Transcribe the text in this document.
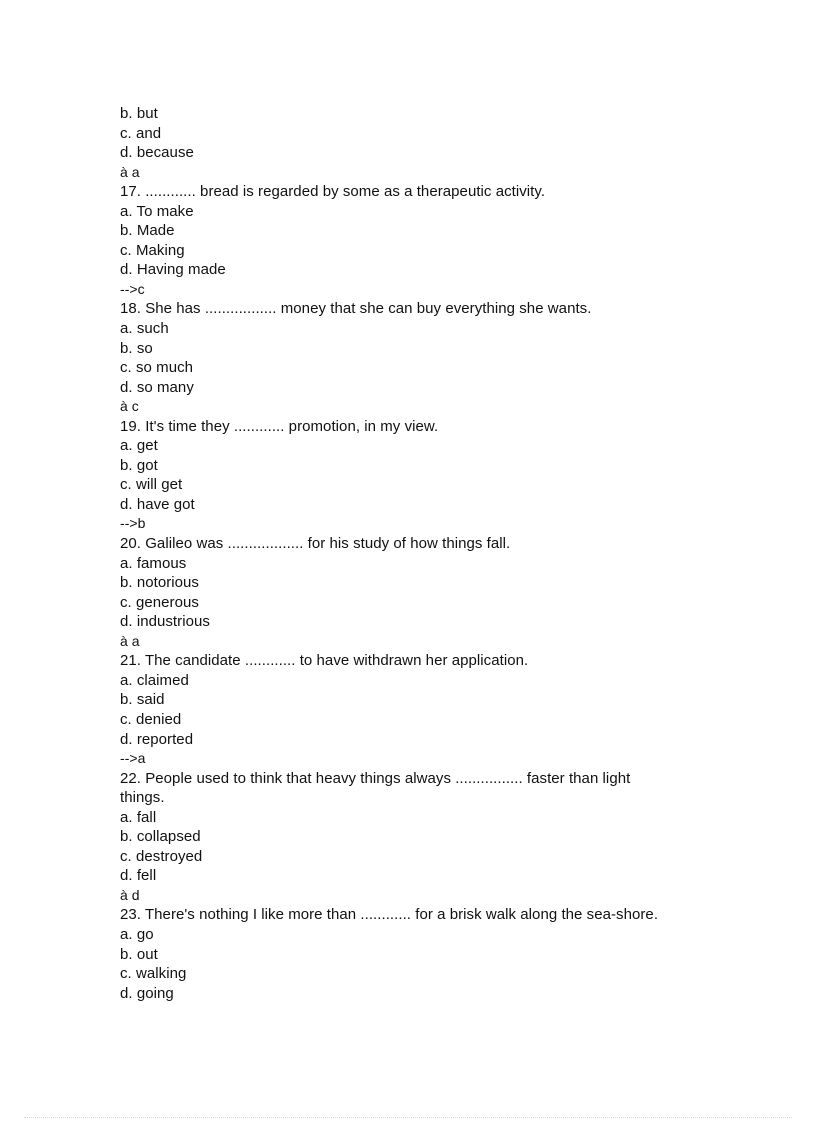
b. but
c. and
d. because
à a
17. ............ bread is regarded by some as a therapeutic activity.
a. To make
b. Made
c. Making
d. Having made
-->c
18. She has ................. money that she can buy everything she wants.
a. such
b. so
c. so much
d. so many
à c
19. It's time they ............ promotion, in my view.
a. get
b. got
c. will get
d. have got
-->b
20. Galileo was .................. for his study of how things fall.
a. famous
b. notorious
c. generous
d. industrious
à a
21. The candidate ............ to have withdrawn her application.
a. claimed
b. said
c. denied
d. reported
-->a
22. People used to think that heavy things always ................ faster than light
things.
a. fall
b. collapsed
c. destroyed
d. fell
à d
23. There's nothing I like more than ............ for a brisk walk along the sea-shore.
a. go
b. out
c. walking
d. going
